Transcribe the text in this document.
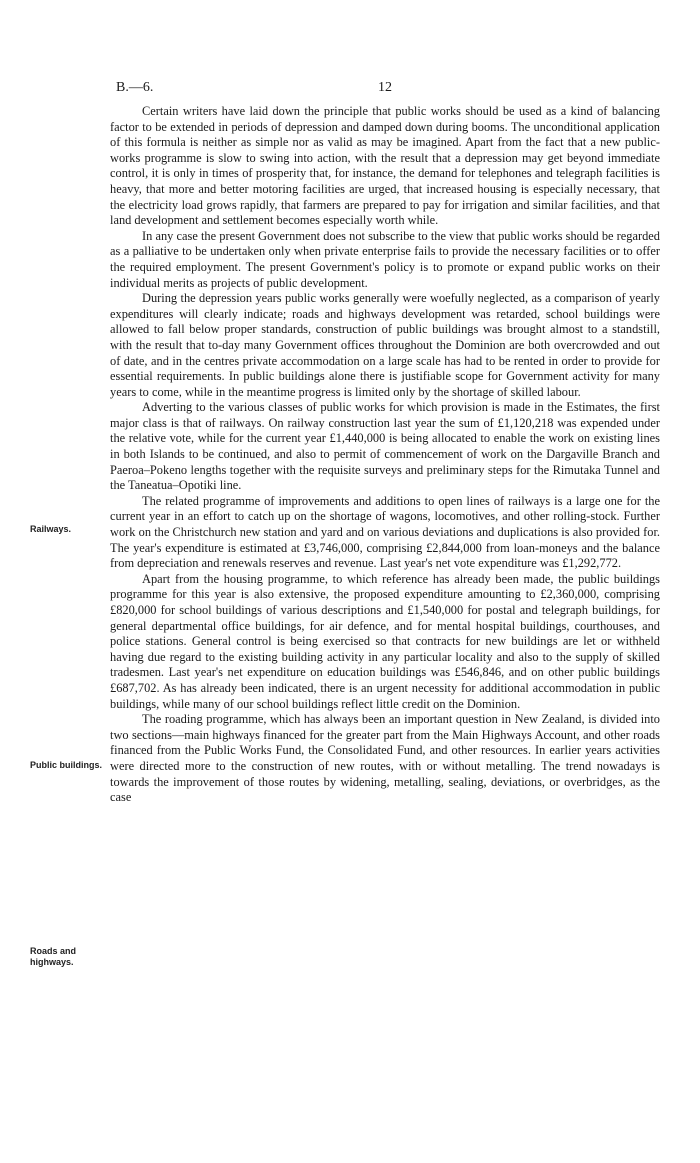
B.—6.	12
Railways.
Public buildings.
Roads and highways.

Certain writers have laid down the principle that public works should be used as a kind of balancing factor to be extended in periods of depression and damped down during booms. The unconditional application of this formula is neither as simple nor as valid as may be imagined. Apart from the fact that a new public-works programme is slow to swing into action, with the result that a depression may get beyond immediate control, it is only in times of prosperity that, for instance, the demand for telephones and telegraph facilities is heavy, that more and better motoring facilities are urged, that increased housing is especially necessary, that the electricity load grows rapidly, that farmers are prepared to pay for irrigation and similar facilities, and that land development and settlement becomes especially worth while.

In any case the present Government does not subscribe to the view that public works should be regarded as a palliative to be undertaken only when private enterprise fails to provide the necessary facilities or to offer the required employment. The present Government's policy is to promote or expand public works on their individual merits as projects of public development.

During the depression years public works generally were woefully neglected, as a comparison of yearly expenditures will clearly indicate; roads and highways development was retarded, school buildings were allowed to fall below proper standards, construction of public buildings was brought almost to a standstill, with the result that to-day many Government offices throughout the Dominion are both overcrowded and out of date, and in the centres private accommodation on a large scale has had to be rented in order to provide for essential requirements. In public buildings alone there is justifiable scope for Government activity for many years to come, while in the meantime progress is limited only by the shortage of skilled labour.

Adverting to the various classes of public works for which provision is made in the Estimates, the first major class is that of railways. On railway construction last year the sum of £1,120,218 was expended under the relative vote, while for the current year £1,440,000 is being allocated to enable the work on existing lines in both Islands to be continued, and also to permit of commencement of work on the Dargaville Branch and Paeroa–Pokeno lengths together with the requisite surveys and preliminary steps for the Rimutaka Tunnel and the Taneatua–Opotiki line.

The related programme of improvements and additions to open lines of railways is a large one for the current year in an effort to catch up on the shortage of wagons, locomotives, and other rolling-stock. Further work on the Christchurch new station and yard and on various deviations and duplications is also provided for. The year's expenditure is estimated at £3,746,000, comprising £2,844,000 from loan-moneys and the balance from depreciation and renewals reserves and revenue. Last year's net vote expenditure was £1,292,772.

Apart from the housing programme, to which reference has already been made, the public buildings programme for this year is also extensive, the proposed expenditure amounting to £2,360,000, comprising £820,000 for school buildings of various descriptions and £1,540,000 for postal and telegraph buildings, for general departmental office buildings, for air defence, and for mental hospital buildings, courthouses, and police stations. General control is being exercised so that contracts for new buildings are let or withheld having due regard to the existing building activity in any particular locality and also to the supply of skilled tradesmen. Last year's net expenditure on education buildings was £546,846, and on other public buildings £687,702. As has already been indicated, there is an urgent necessity for additional accommodation in public buildings, while many of our school buildings reflect little credit on the Dominion.

The roading programme, which has always been an important question in New Zealand, is divided into two sections—main highways financed for the greater part from the Main Highways Account, and other roads financed from the Public Works Fund, the Consolidated Fund, and other resources. In earlier years activities were directed more to the construction of new routes, with or without metalling. The trend nowadays is towards the improvement of those routes by widening, metalling, sealing, deviations, or overbridges, as the case
